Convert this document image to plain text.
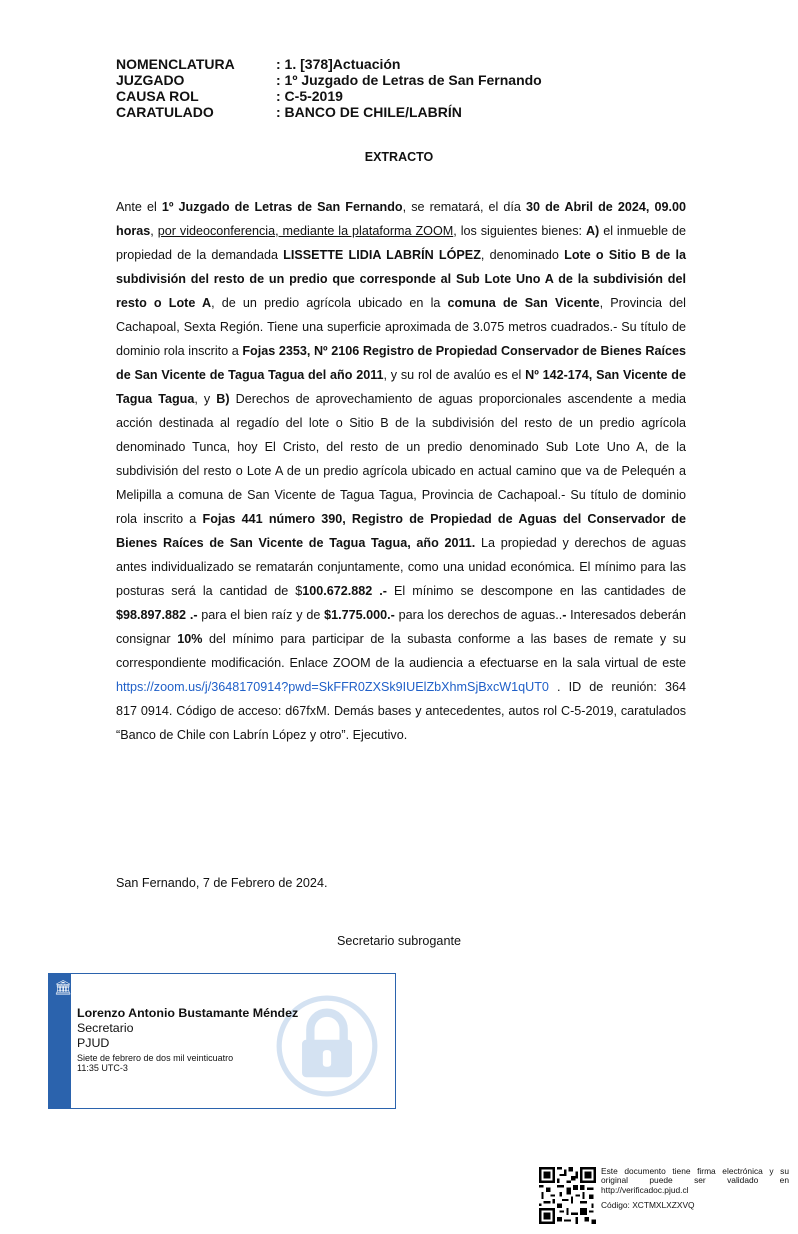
NOMENCLATURA	: 1. [378]Actuación
JUZGADO	: 1º Juzgado de Letras de San Fernando
CAUSA ROL	: C-5-2019
CARATULADO	: BANCO DE CHILE/LABRÍN
EXTRACTO

Ante el 1º Juzgado de Letras de San Fernando, se rematará, el día 30 de Abril de 2024, 09.00 horas, por videoconferencia, mediante la plataforma ZOOM, los siguientes bienes: A) el inmueble de propiedad de la demandada LISSETTE LIDIA LABRÍN LÓPEZ, denominado Lote o Sitio B de la subdivisión del resto de un predio que corresponde al Sub Lote Uno A de la subdivisión del resto o Lote A, de un predio agrícola ubicado en la comuna de San Vicente, Provincia del Cachapoal, Sexta Región. Tiene una superficie aproximada de 3.075 metros cuadrados.- Su título de dominio rola inscrito a Fojas 2353, Nº 2106 Registro de Propiedad Conservador de Bienes Raíces de San Vicente de Tagua Tagua del año 2011, y su rol de avalúo es el Nº 142-174, San Vicente de Tagua Tagua, y B) Derechos de aprovechamiento de aguas proporcionales ascendente a media acción destinada al regadío del lote o Sitio B de la subdivisión del resto de un predio agrícola denominado Tunca, hoy El Cristo, del resto de un predio denominado Sub Lote Uno A, de la subdivisión del resto o Lote A de un predio agrícola ubicado en actual camino que va de Pelequén a Melipilla a comuna de San Vicente de Tagua Tagua, Provincia de Cachapoal.- Su título de dominio rola inscrito a Fojas 441 número 390, Registro de Propiedad de Aguas del Conservador de Bienes Raíces de San Vicente de Tagua Tagua, año 2011. La propiedad y derechos de aguas antes individualizado se rematarán conjuntamente, como una unidad económica. El mínimo para las posturas será la cantidad de $100.672.882 .- El mínimo se descompone en las cantidades de $98.897.882 .- para el bien raíz y de $1.775.000.- para los derechos de aguas..- Interesados deberán consignar 10% del mínimo para participar de la subasta conforme a las bases de remate y su correspondiente modificación. Enlace ZOOM de la audiencia a efectuarse en la sala virtual de este https://zoom.us/j/3648170914?pwd=SkFFR0ZXSk9IUElZbXhmSjBxcW1qUT0 . ID de reunión: 364 817 0914. Código de acceso: d67fxM. Demás bases y antecedentes, autos rol C-5-2019, caratulados “Banco de Chile con Labrín López y otro”. Ejecutivo.

San Fernando, 7 de Febrero de 2024.
Secretario subrogante
🏛︎
Lorenzo Antonio Bustamante Méndez
Secretario
PJUD
Siete de febrero de dos mil veinticuatro
11:35 UTC-3
Este documento tiene firma electrónica y su original puede ser validado en http://verificadoc.pjud.cl
Código: XCTMXLXZXVQ
